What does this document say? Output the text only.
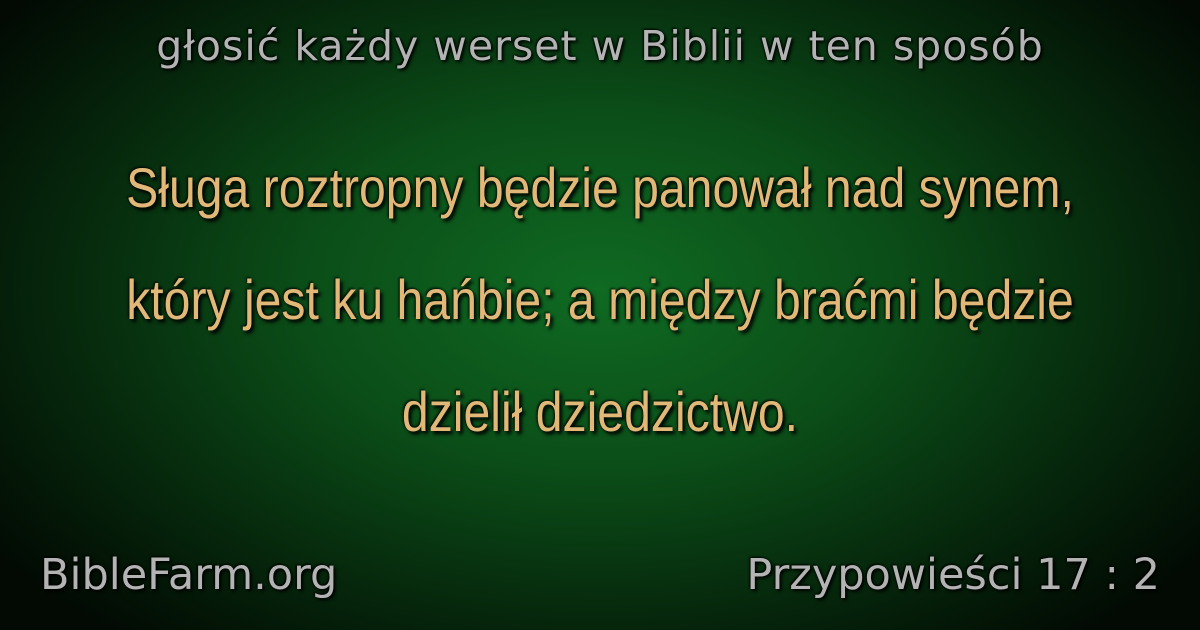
głosić każdy werset w Biblii w ten sposób
Sługa roztropny będzie panował nad synem, który jest ku hańbie; a między braćmi będzie dzielił dziedzictwo.
BibleFarm.org	Przypowieści 17 : 2
